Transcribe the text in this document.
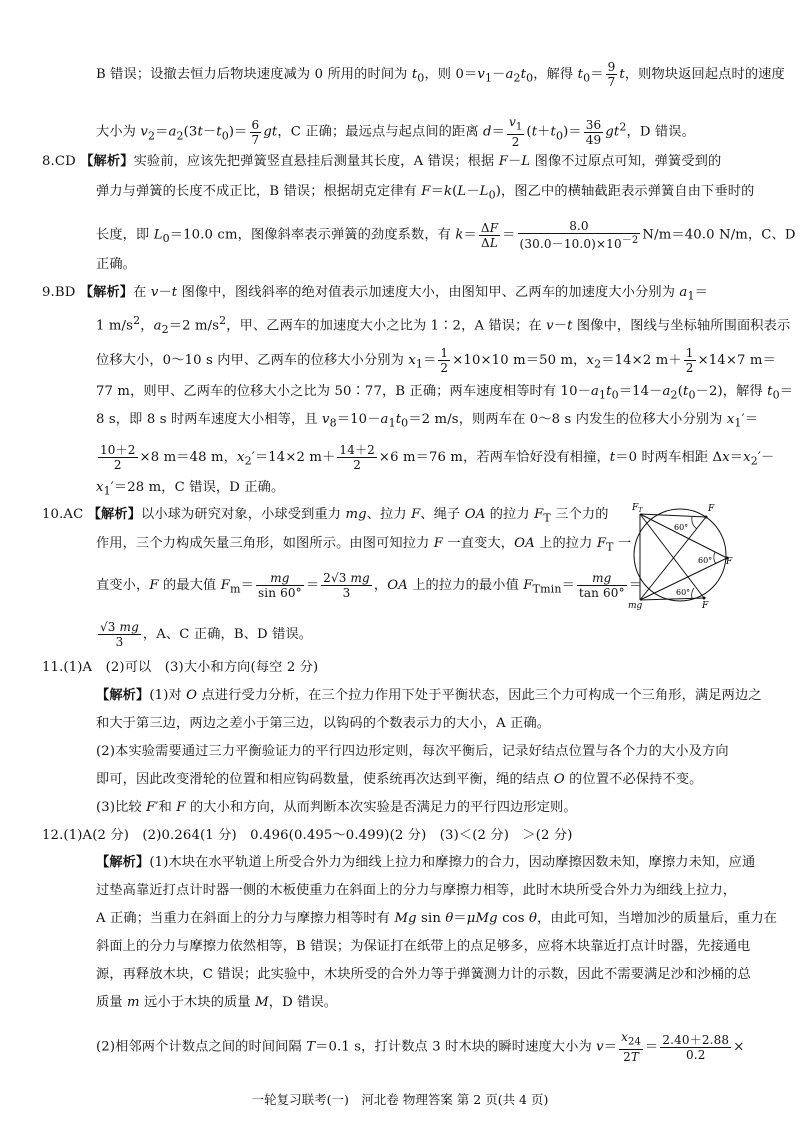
B 错误；设撤去恒力后物块速度减为 0 所用的时间为 $t_0$，则 $0=v_1-a_2t_0$，解得 $t_0= \frac{9}{7}$ t，则物块返回起点时的速度
大小为 $v_2=a_2(3t-t_0)= \frac{6}{7}$ gt，C 正确；最远点与起点间的距离 $d= \frac{v_1}{2} (t+t_0)= \frac{36}{49} gt^2$，D 错误。
8.CD 【解析】实验前，应该先把弹簧竖直悬挂后测量其长度，A 错误；根据 F－L 图像不过原点可知，弹簧受到的
弹力与弹簧的长度不成正比，B 错误；根据胡克定律有 $F=k(L-L_0)$，图乙中的横轴截距表示弹簧自由下垂时的
长度，即 $L_0=10.0$ cm，图像斜率表示弹簧的劲度系数，有 $k= \frac{\Delta F}{\Delta L} = \frac{8.0}{(30.0-10.0)\times 10^{-2}} N/m=40.0$ N/m，C、D
正确。
9.BD 【解析】在 v－t 图像中，图线斜率的绝对值表示加速度大小，由图知甲、乙两车的加速度大小分别为 $a_1=$
1 $m/s^2$，$a_2=2$ $m/s^2$，甲、乙两车的加速度大小之比为 1∶2，A 错误；在 v－t 图像中，图线与坐标轴所围面积表示
位移大小，0～10 s 内甲、乙两车的位移大小分别为 $x_1= \frac{1}{2} \times 10\times 10$ m＝50 m，$x_2=14\times 2$ $m+ \frac{1}{2} \times 14\times 7$ m＝
77 m，则甲、乙两车的位移大小之比为 50∶77，B 正确；两车速度相等时有 $10-a_1t_0=14-a_2(t_0-2)$，解得 $t_0=$
8 s，即 8 s 时两车速度大小相等，且 $v_8=10-a_1t_0=2$ m/s，则两车在 0～8 s 内发生的位移大小分别为 $x_1'=$
$\frac{10+2}{2} \times 8$ m＝48 m，$x_2'=14\times 2$ $m+ \frac{14+2}{2} \times 6$ m＝76 m，若两车恰好没有相撞，t＝0 时两车相距 $\Delta x=x_2'-$
$x_1'=28$ m，C 错误，D 正确。
10.AC 【解析】以小球为研究对象，小球受到重力 mg、拉力 F、绳子 OA 的拉力 $F_T$ 三个力的
作用，三个力构成矢量三角形，如图所示。由图可知拉力 F 一直变大，OA 上的拉力 $F_T$ 一
直变小，F 的最大值 $F_m= \frac{mg}{\sin 60^\circ} = \frac{2√3 mg}{3}$ ，OA 上的拉力的最小值 $F_{Tmin}= \frac{mg}{\tan 60^\circ}$ ＝
$\frac{√3 mg}{3}$ ，A、C 正确，B、D 错误。
11.(1)A　(2)可以　(3)大小和方向(每空 2 分)
【解析】(1)对 O 点进行受力分析，在三个拉力作用下处于平衡状态，因此三个力可构成一个三角形，满足两边之
和大于第三边，两边之差小于第三边，以钩码的个数表示力的大小，A 正确。
(2)本实验需要通过三力平衡验证力的平行四边形定则，每次平衡后，记录好结点位置与各个力的大小及方向
即可，因此改变滑轮的位置和相应钩码数量，使系统再次达到平衡，绳的结点 O 的位置不必保持不变。
(3)比较 F′和 F 的大小和方向，从而判断本次实验是否满足力的平行四边形定则。
12.(1)A(2 分)　(2)0.264(1 分)　0.496(0.495～0.499)(2 分)　(3)＜(2 分)　＞(2 分)
【解析】(1)木块在水平轨道上所受合外力为细线上拉力和摩擦力的合力，因动摩擦因数未知，摩擦力未知，应通
过垫高靠近打点计时器一侧的木板使重力在斜面上的分力与摩擦力相等，此时木块所受合外力为细线上拉力，
A 正确；当重力在斜面上的分力与摩擦力相等时有 Mg sin θ＝μMg cos θ，由此可知，当增加沙的质量后，重力在
斜面上的分力与摩擦力依然相等，B 错误；为保证打在纸带上的点足够多，应将木块靠近打点计时器，先接通电
源，再释放木块，C 错误；此实验中，木块所受的合外力等于弹簧测力计的示数，因此不需要满足沙和沙桶的总
质量 m 远小于木块的质量 M，D 错误。
(2)相邻两个计数点之间的时间间隔 T＝0.1 s，打计数点 3 时木块的瞬时速度大小为 $v= \frac{x_{24}}{2T} = \frac{2.40+2.88}{0.2}$ ×
$F_T$	F
F
F
mg
60°
60°
60°
一轮复习联考(一)　河北卷 物理答案 第 2 页(共 4 页)
